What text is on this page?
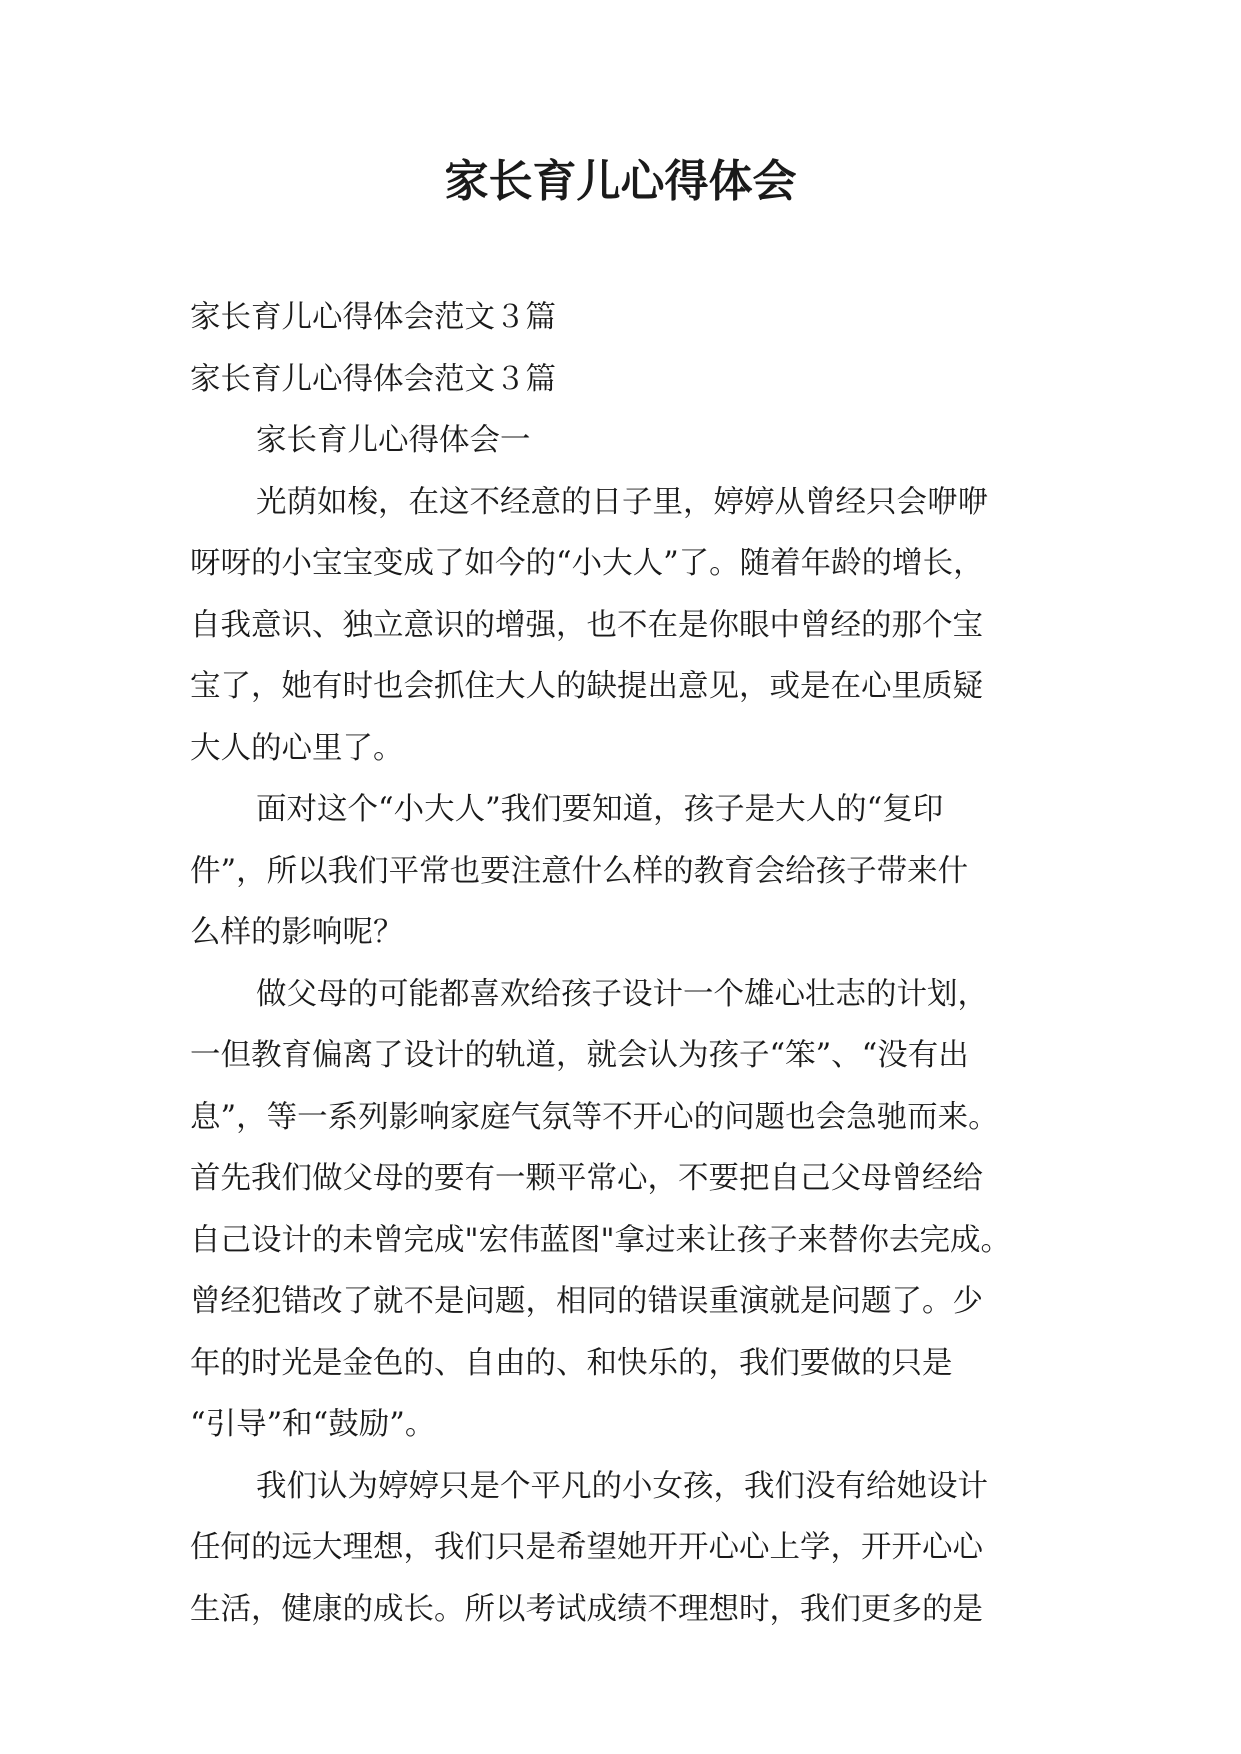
家长育儿心得体会
家长育儿心得体会范文３篇
家长育儿心得体会范文３篇
家长育儿心得体会一
光荫如梭，在这不经意的日子里，婷婷从曾经只会咿咿
呀呀的小宝宝变成了如今的“小大人”了。随着年龄的增长，
自我意识、独立意识的增强，也不在是你眼中曾经的那个宝
宝了，她有时也会抓住大人的缺提出意见，或是在心里质疑
大人的心里了。
面对这个“小大人”我们要知道，孩子是大人的“复印
件”，所以我们平常也要注意什么样的教育会给孩子带来什
么样的影响呢？
做父母的可能都喜欢给孩子设计一个雄心壮志的计划，
一但教育偏离了设计的轨道，就会认为孩子“笨”、“没有出
息”，等一系列影响家庭气氛等不开心的问题也会急驰而来。
首先我们做父母的要有一颗平常心，不要把自己父母曾经给
自己设计的未曾完成"宏伟蓝图"拿过来让孩子来替你去完成。
曾经犯错改了就不是问题，相同的错误重演就是问题了。少
年的时光是金色的、自由的、和快乐的，我们要做的只是
“引导”和“鼓励”。
我们认为婷婷只是个平凡的小女孩，我们没有给她设计
任何的远大理想，我们只是希望她开开心心上学，开开心心
生活，健康的成长。所以考试成绩不理想时，我们更多的是
